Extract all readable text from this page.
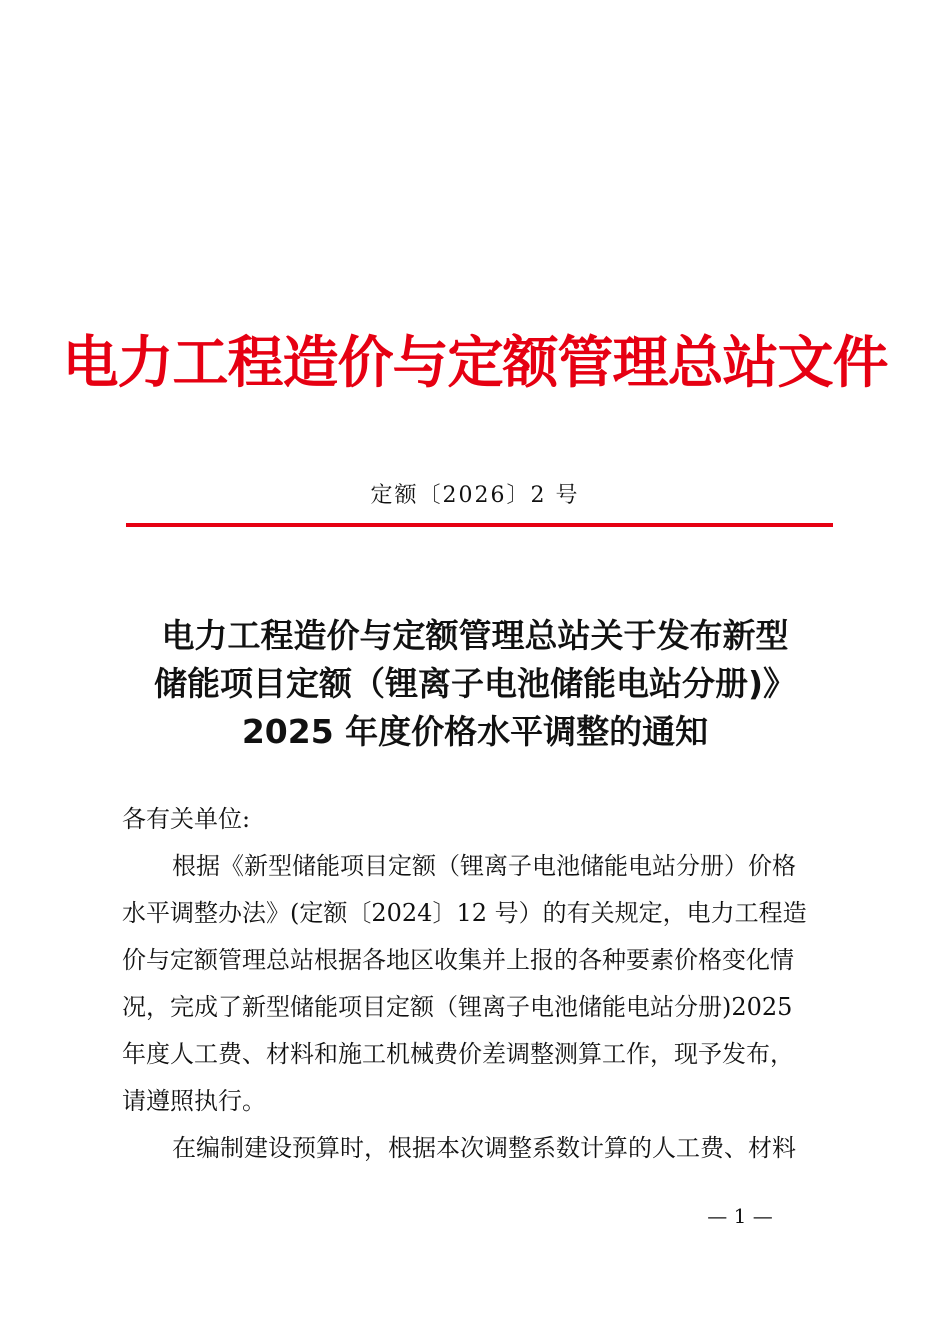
电力工程造价与定额管理总站文件
定额〔2026〕2 号
电力工程造价与定额管理总站关于发布新型
储能项目定额（锂离子电池储能电站分册)》
2025 年度价格水平调整的通知
各有关单位:
根据《新型储能项目定额（锂离子电池储能电站分册）价格
水平调整办法》(定额〔2024〕12 号）的有关规定，电力工程造
价与定额管理总站根据各地区收集并上报的各种要素价格变化情
况，完成了新型储能项目定额（锂离子电池储能电站分册)2025
年度人工费、材料和施工机械费价差调整测算工作，现予发布，
请遵照执行。
在编制建设预算时，根据本次调整系数计算的人工费、材料
— 1 —
